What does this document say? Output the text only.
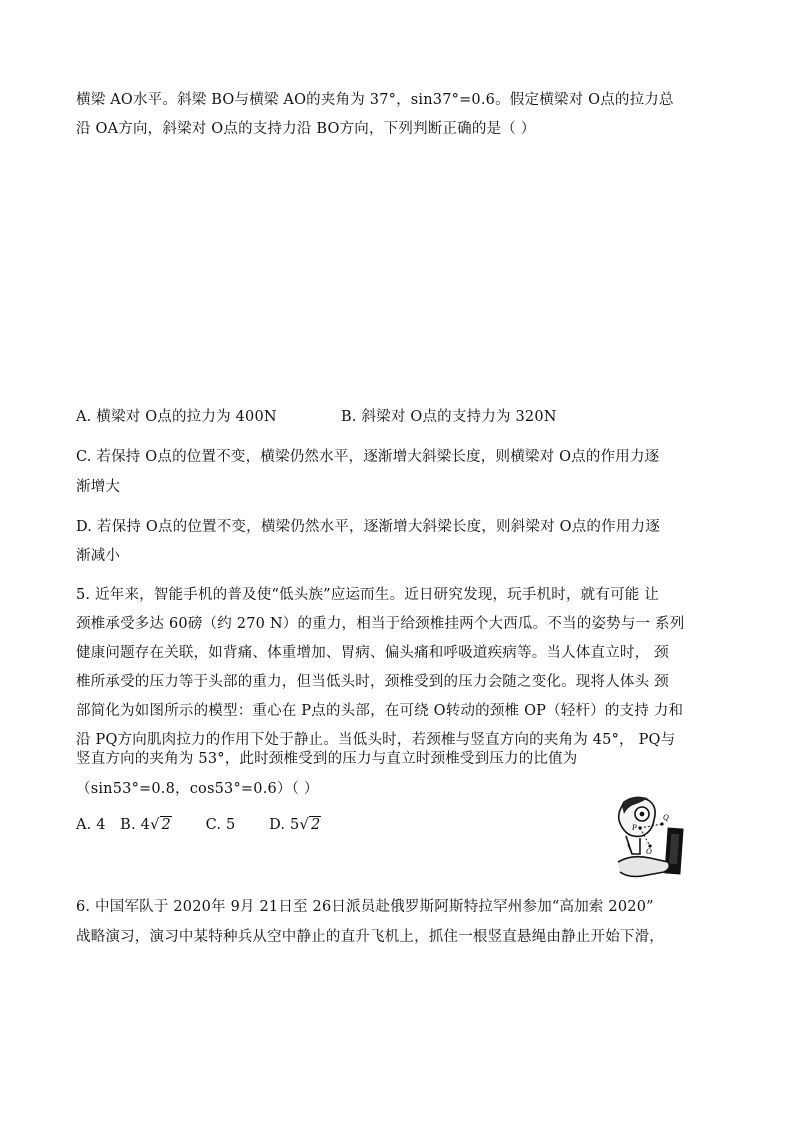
横梁 AO水平。斜梁 BO与横梁 AO的夹角为 37°，sin37°=0.6。假定横梁对 O点的拉力总
沿 OA方向，斜梁对 O点的支持力沿 BO方向，下列判断正确的是（ ）
A. 横梁对 O点的拉力为 400N	B. 斜梁对 O点的支持力为 320N
C. 若保持 O点的位置不变，横梁仍然水平，逐渐增大斜梁长度，则横梁对 O点的作用力逐
渐增大
D. 若保持 O点的位置不变，横梁仍然水平，逐渐增大斜梁长度，则斜梁对 O点的作用力逐
渐减小
5. 近年来，智能手机的普及使“低头族”应运而生。近日研究发现，玩手机时，就有可能 让
颈椎承受多达 60磅（约 270 N）的重力，相当于给颈椎挂两个大西瓜。不当的姿势与一 系列
健康问题存在关联，如背痛、体重增加、胃病、偏头痛和呼吸道疾病等。当人体直立时， 颈
椎所承受的压力等于头部的重力，但当低头时，颈椎受到的压力会随之变化。现将人体头 颈
部简化为如图所示的模型：重心在 P点的头部，在可绕 O转动的颈椎 OP（轻杆）的支持 力和
沿 PQ方向肌肉拉力的作用下处于静止。当低头时，若颈椎与竖直方向的夹角为 45°， PQ与
竖直方向的夹角为 53°，此时颈椎受到的压力与直立时颈椎受到压力的比值为
（sin53°=0.8，cos53°=0.6）（ ）
A. 4 B. 4√ 2 C. 5 D. 5√ 2	P
Q
O
6. 中国军队于 2020年 9月 21日至 26日派员赴俄罗斯阿斯特拉罕州参加“高加索 2020”
战略演习，演习中某特种兵从空中静止的直升飞机上，抓住一根竖直悬绳由静止开始下滑，
